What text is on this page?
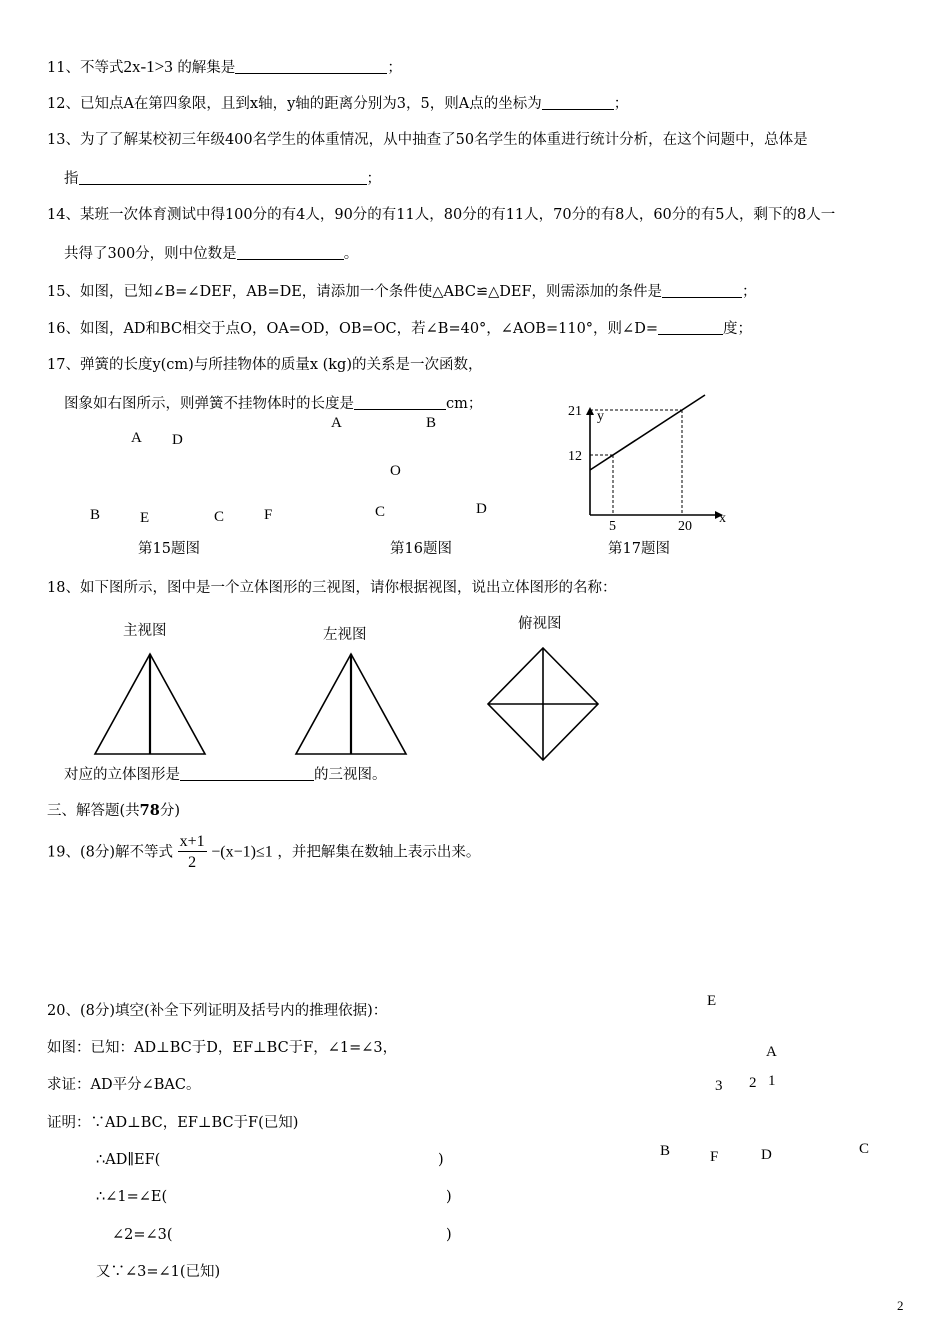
11、不等式2x-1>3 的解集是	；
12、已知点A在第四象限，且到x轴，y轴的距离分别为3，5，则A点的坐标为	；
13、为了了解某校初三年级400名学生的体重情况，从中抽查了50名学生的体重进行统计分析，在这个问题中，总体是
指	；
14、某班一次体育测试中得100分的有4人，90分的有11人，80分的有11人，70分的有8人，60分的有5人，剩下的8人一
共得了300分，则中位数是	。
15、如图，已知∠B=∠DEF，AB=DE，请添加一个条件使△ABC≌△DEF，则需添加的条件是	；
16、如图，AD和BC相交于点O，OA=OD，OB=OC，若∠B=40°，∠AOB=110°，则∠D=	度；
17、弹簧的长度y(cm)与所挂物体的质量x (kg)的关系是一次函数，
图象如右图所示，则弹簧不挂物体时的长度是	cm；
A D
B	E	C	F
第15题图
A	B
O
C	D
第16题图
x
y
5	20
21
12
第17题图
18、如下图所示，图中是一个立体图形的三视图，请你根据视图，说出立体图形的名称：
主视图	左视图
俯视图
对应的立体图形是	的三视图。
三、解答题(共78分)
19、(8分)解不等式 $\frac{x+1}{2} -(x-1)\le 1$ ，并把解集在数轴上表示出来。
20、(8分)填空(补全下列证明及括号内的推理依据)：
如图：已知：AD⊥BC于D，EF⊥BC于F，∠1=∠3，
求证：AD平分∠BAC。
证明：∵AD⊥BC，EF⊥BC于F(已知)
∴AD∥EF(	)
∴∠1=∠E(	)
∠2=∠3(	)
又∵∠3=∠1(已知)
E
A
3 2 1
B	F	D	C
2
